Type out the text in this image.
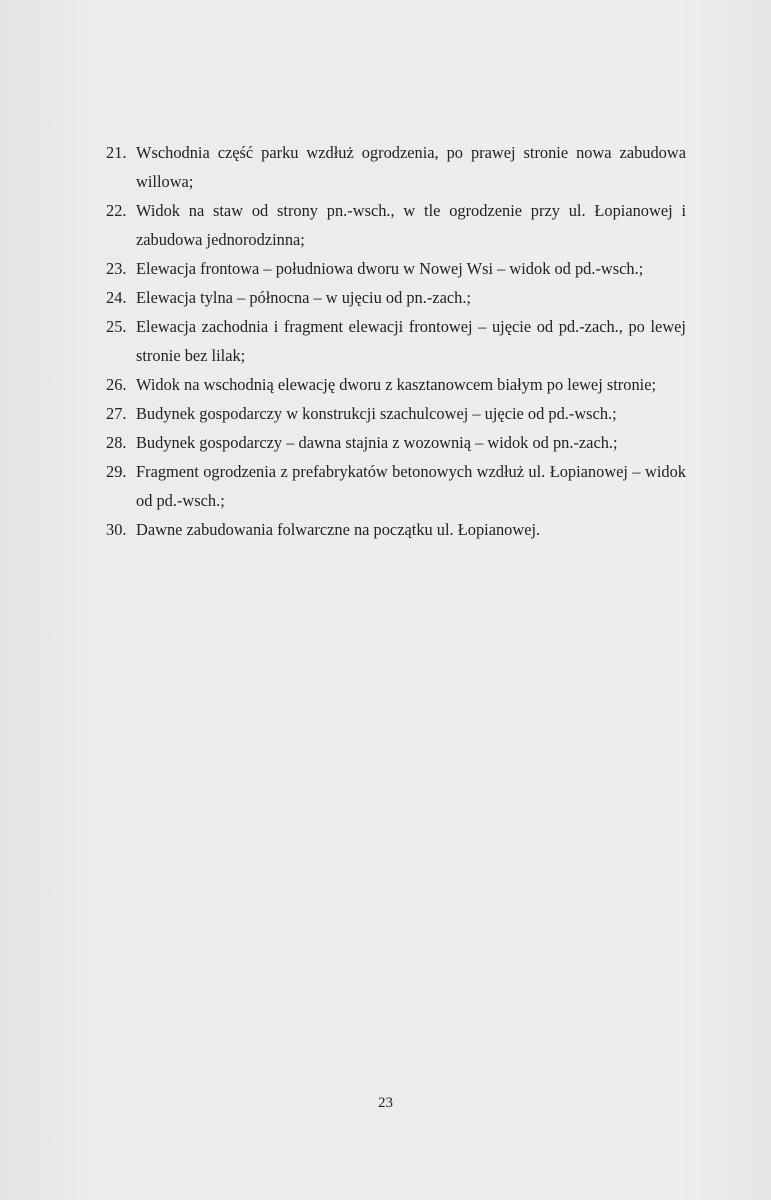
21. Wschodnia część parku wzdłuż ogrodzenia, po prawej stronie nowa zabudowa willowa;
22. Widok na staw od strony pn.-wsch., w tle ogrodzenie przy ul. Łopianowej i zabudowa jednorodzinna;
23. Elewacja frontowa – południowa dworu w Nowej Wsi – widok od pd.-wsch.;
24. Elewacja tylna – północna – w ujęciu od pn.-zach.;
25. Elewacja zachodnia i fragment elewacji frontowej – ujęcie od pd.-zach., po lewej stronie bez lilak;
26. Widok na wschodnią elewację dworu z kasztanowcem białym po lewej stronie;
27. Budynek gospodarczy w konstrukcji szachulcowej – ujęcie od pd.-wsch.;
28. Budynek gospodarczy – dawna stajnia z wozownią – widok od pn.-zach.;
29. Fragment ogrodzenia z prefabrykatów betonowych wzdłuż ul. Łopianowej – widok od pd.-wsch.;
30. Dawne zabudowania folwarczne na początku ul. Łopianowej.
23
